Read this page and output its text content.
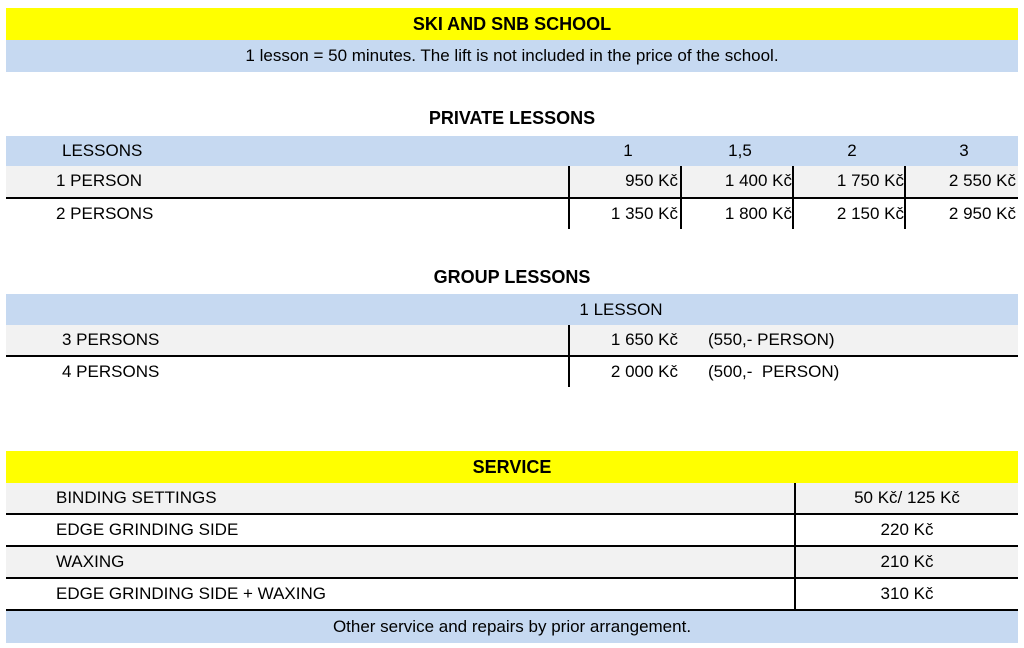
SKI AND SNB SCHOOL
1 lesson = 50 minutes. The lift is not included in the price of the school.
PRIVATE LESSONS
LESSONS	1	1,5	2	3
1 PERSON	950 Kč	1 400 Kč	1 750 Kč	2 550 Kč
2 PERSONS	1 350 Kč	1 800 Kč	2 150 Kč	2 950 Kč
GROUP LESSONS
1 LESSON
3 PERSONS	1 650 Kč (550,- PERSON)
4 PERSONS	2 000 Kč (500,-  PERSON)
SERVICE
BINDING SETTINGS	50 Kč/ 125 Kč
EDGE GRINDING SIDE	220 Kč
WAXING	210 Kč
EDGE GRINDING SIDE + WAXING	310 Kč
Other service and repairs by prior arrangement.
